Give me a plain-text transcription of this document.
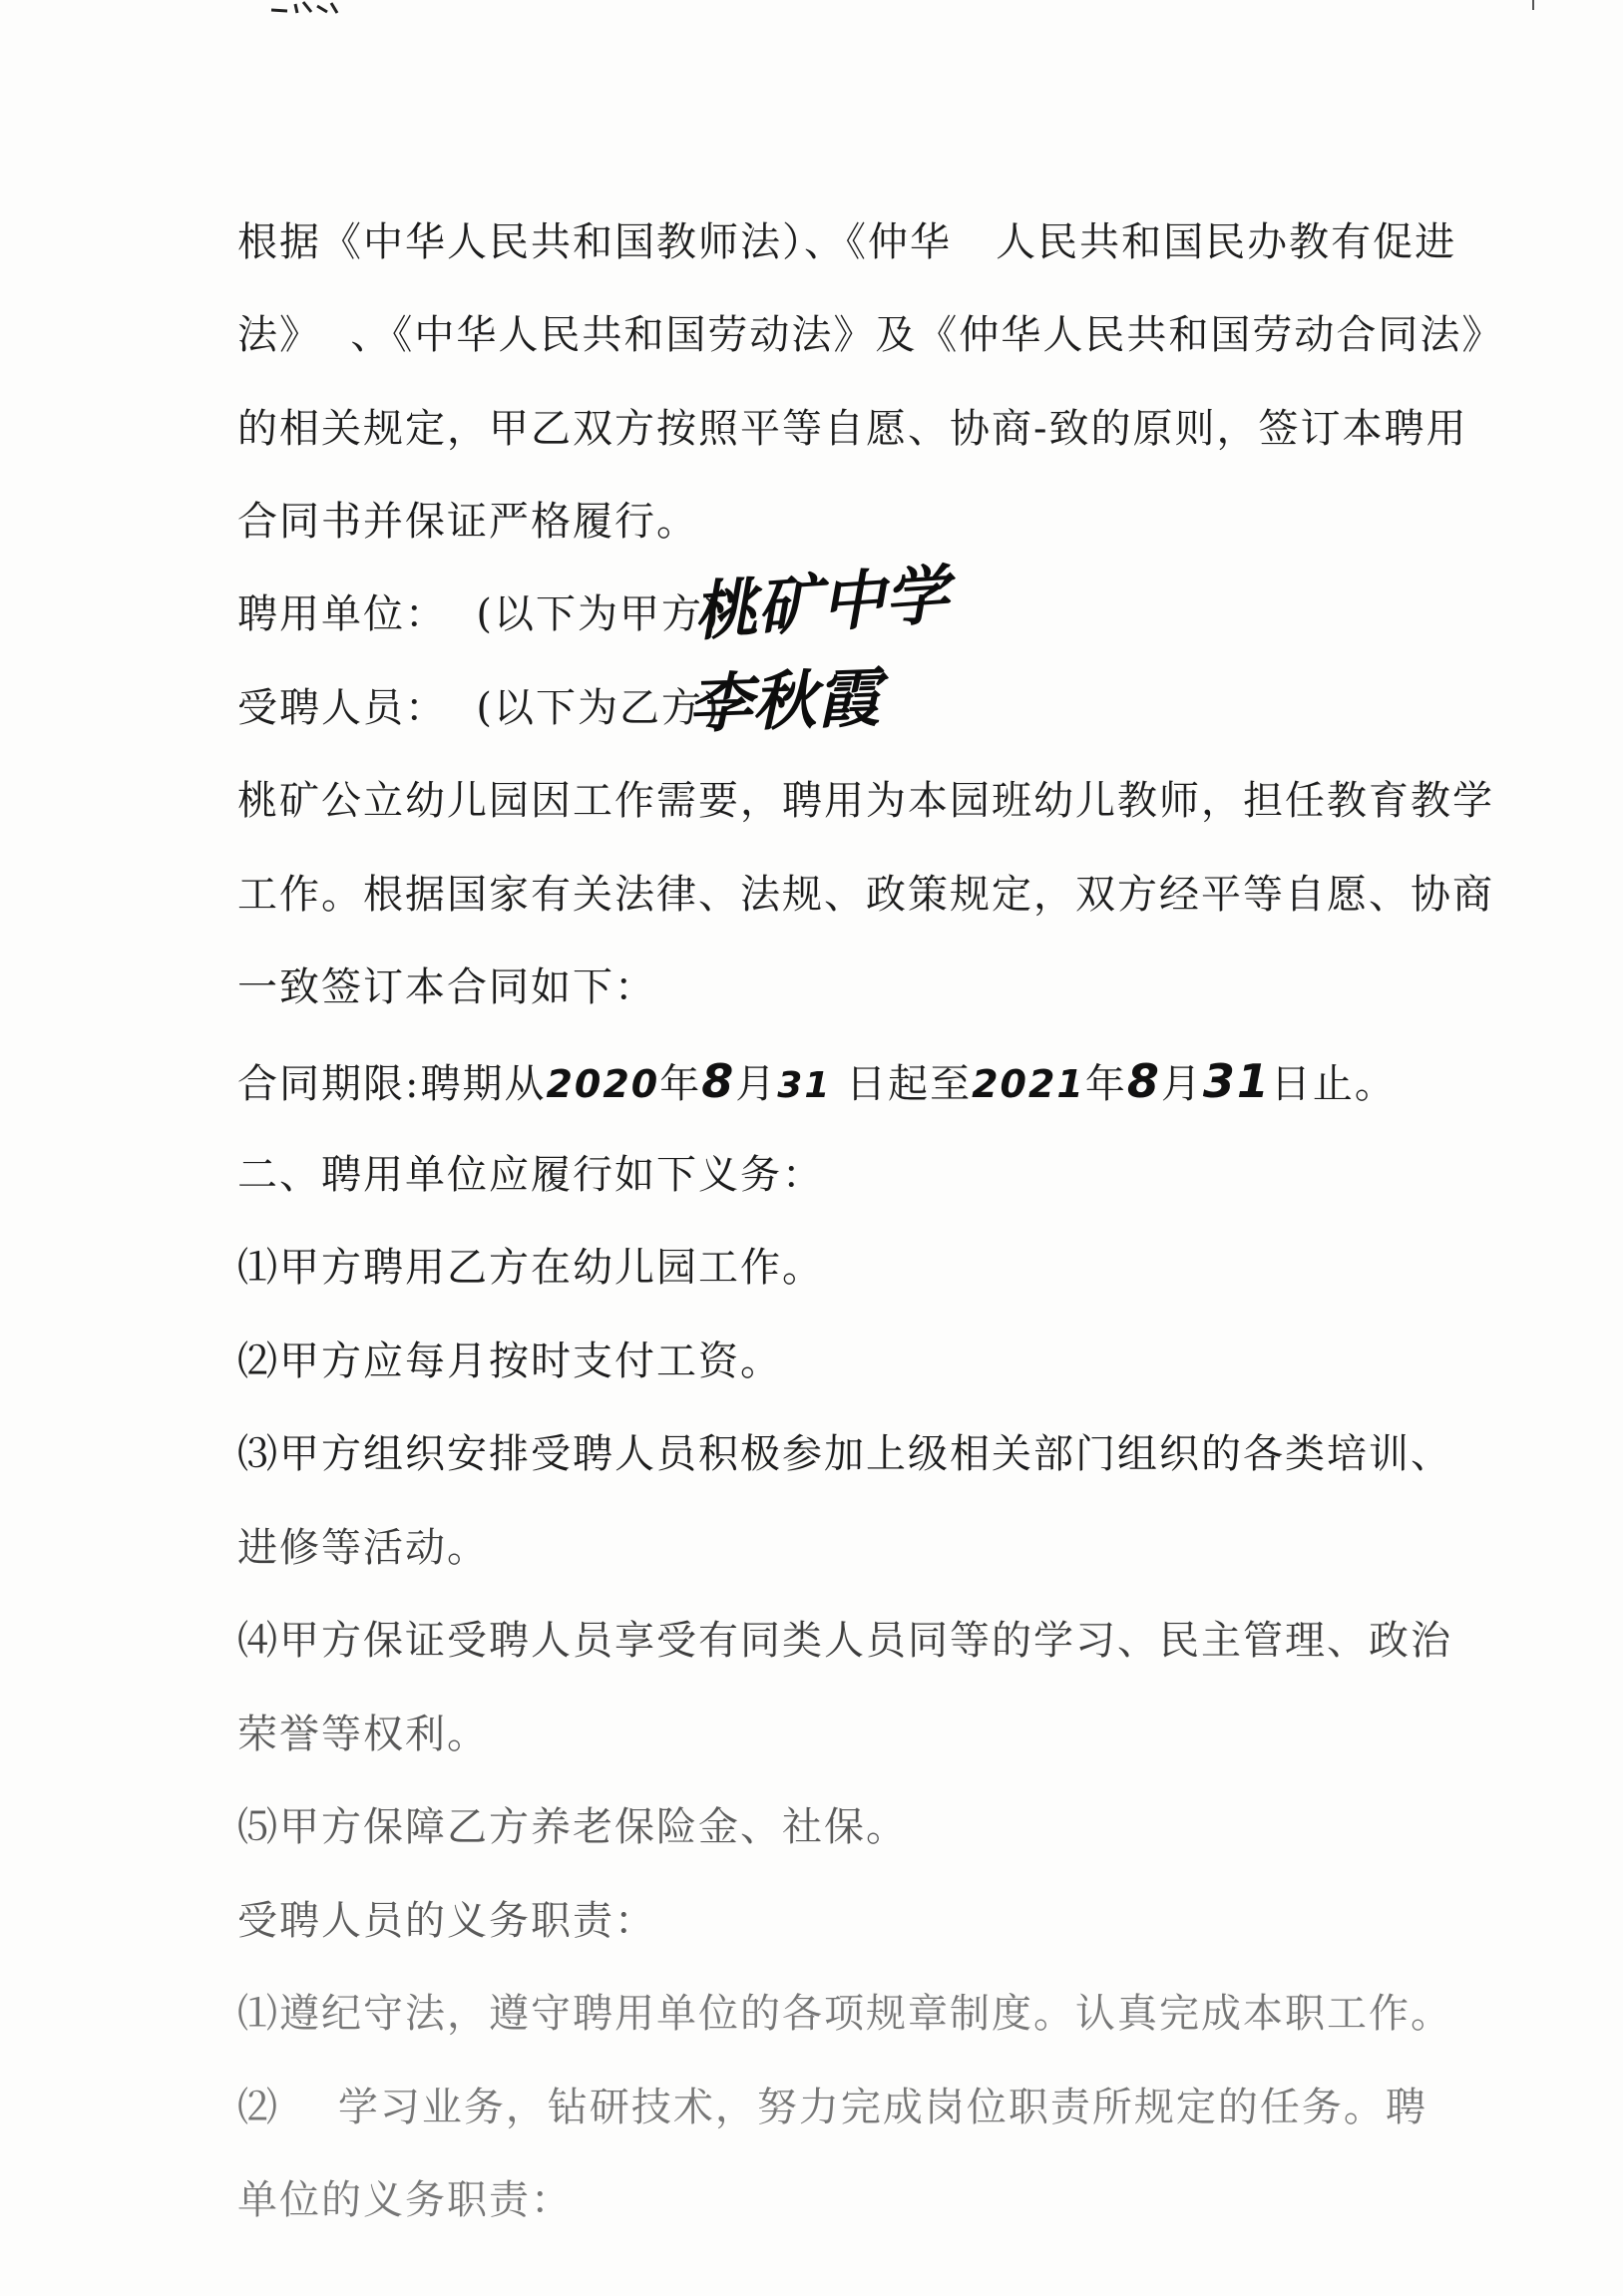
根据《中华人民共和国教师法）、《仲华   人民共和国民办教有促进
法》  、《中华人民共和国劳动法》及《仲华人民共和国劳动合同法》
的相关规定，甲乙双方按照平等自愿、协商-致的原则，签订本聘用
合同书并保证严格履行。
聘用单位：  (以下为甲方)
桃矿中学
受聘人员：  (以下为乙方)
李秋霞
桃矿公立幼儿园因工作需要，聘用为本园班幼儿教师，担任教育教学
工作。根据国家有关法律、法规、政策规定，双方经平等自愿、协商
一致签订本合同如下：
合同期限:聘期从2020年8月31 日起至2021年8月31日止。
二、聘用单位应履行如下义务：
⑴甲方聘用乙方在幼儿园工作。
⑵甲方应每月按时支付工资。
⑶甲方组织安排受聘人员积极参加上级相关部门组织的各类培训、
进修等活动。
⑷甲方保证受聘人员享受有同类人员同等的学习、民主管理、政治
荣誉等权利。
⑸甲方保障乙方养老保险金、社保。
受聘人员的义务职责：
⑴遵纪守法，遵守聘用单位的各项规章制度。认真完成本职工作。
⑵    学习业务，钻研技术，努力完成岗位职责所规定的任务。聘
单位的义务职责：
